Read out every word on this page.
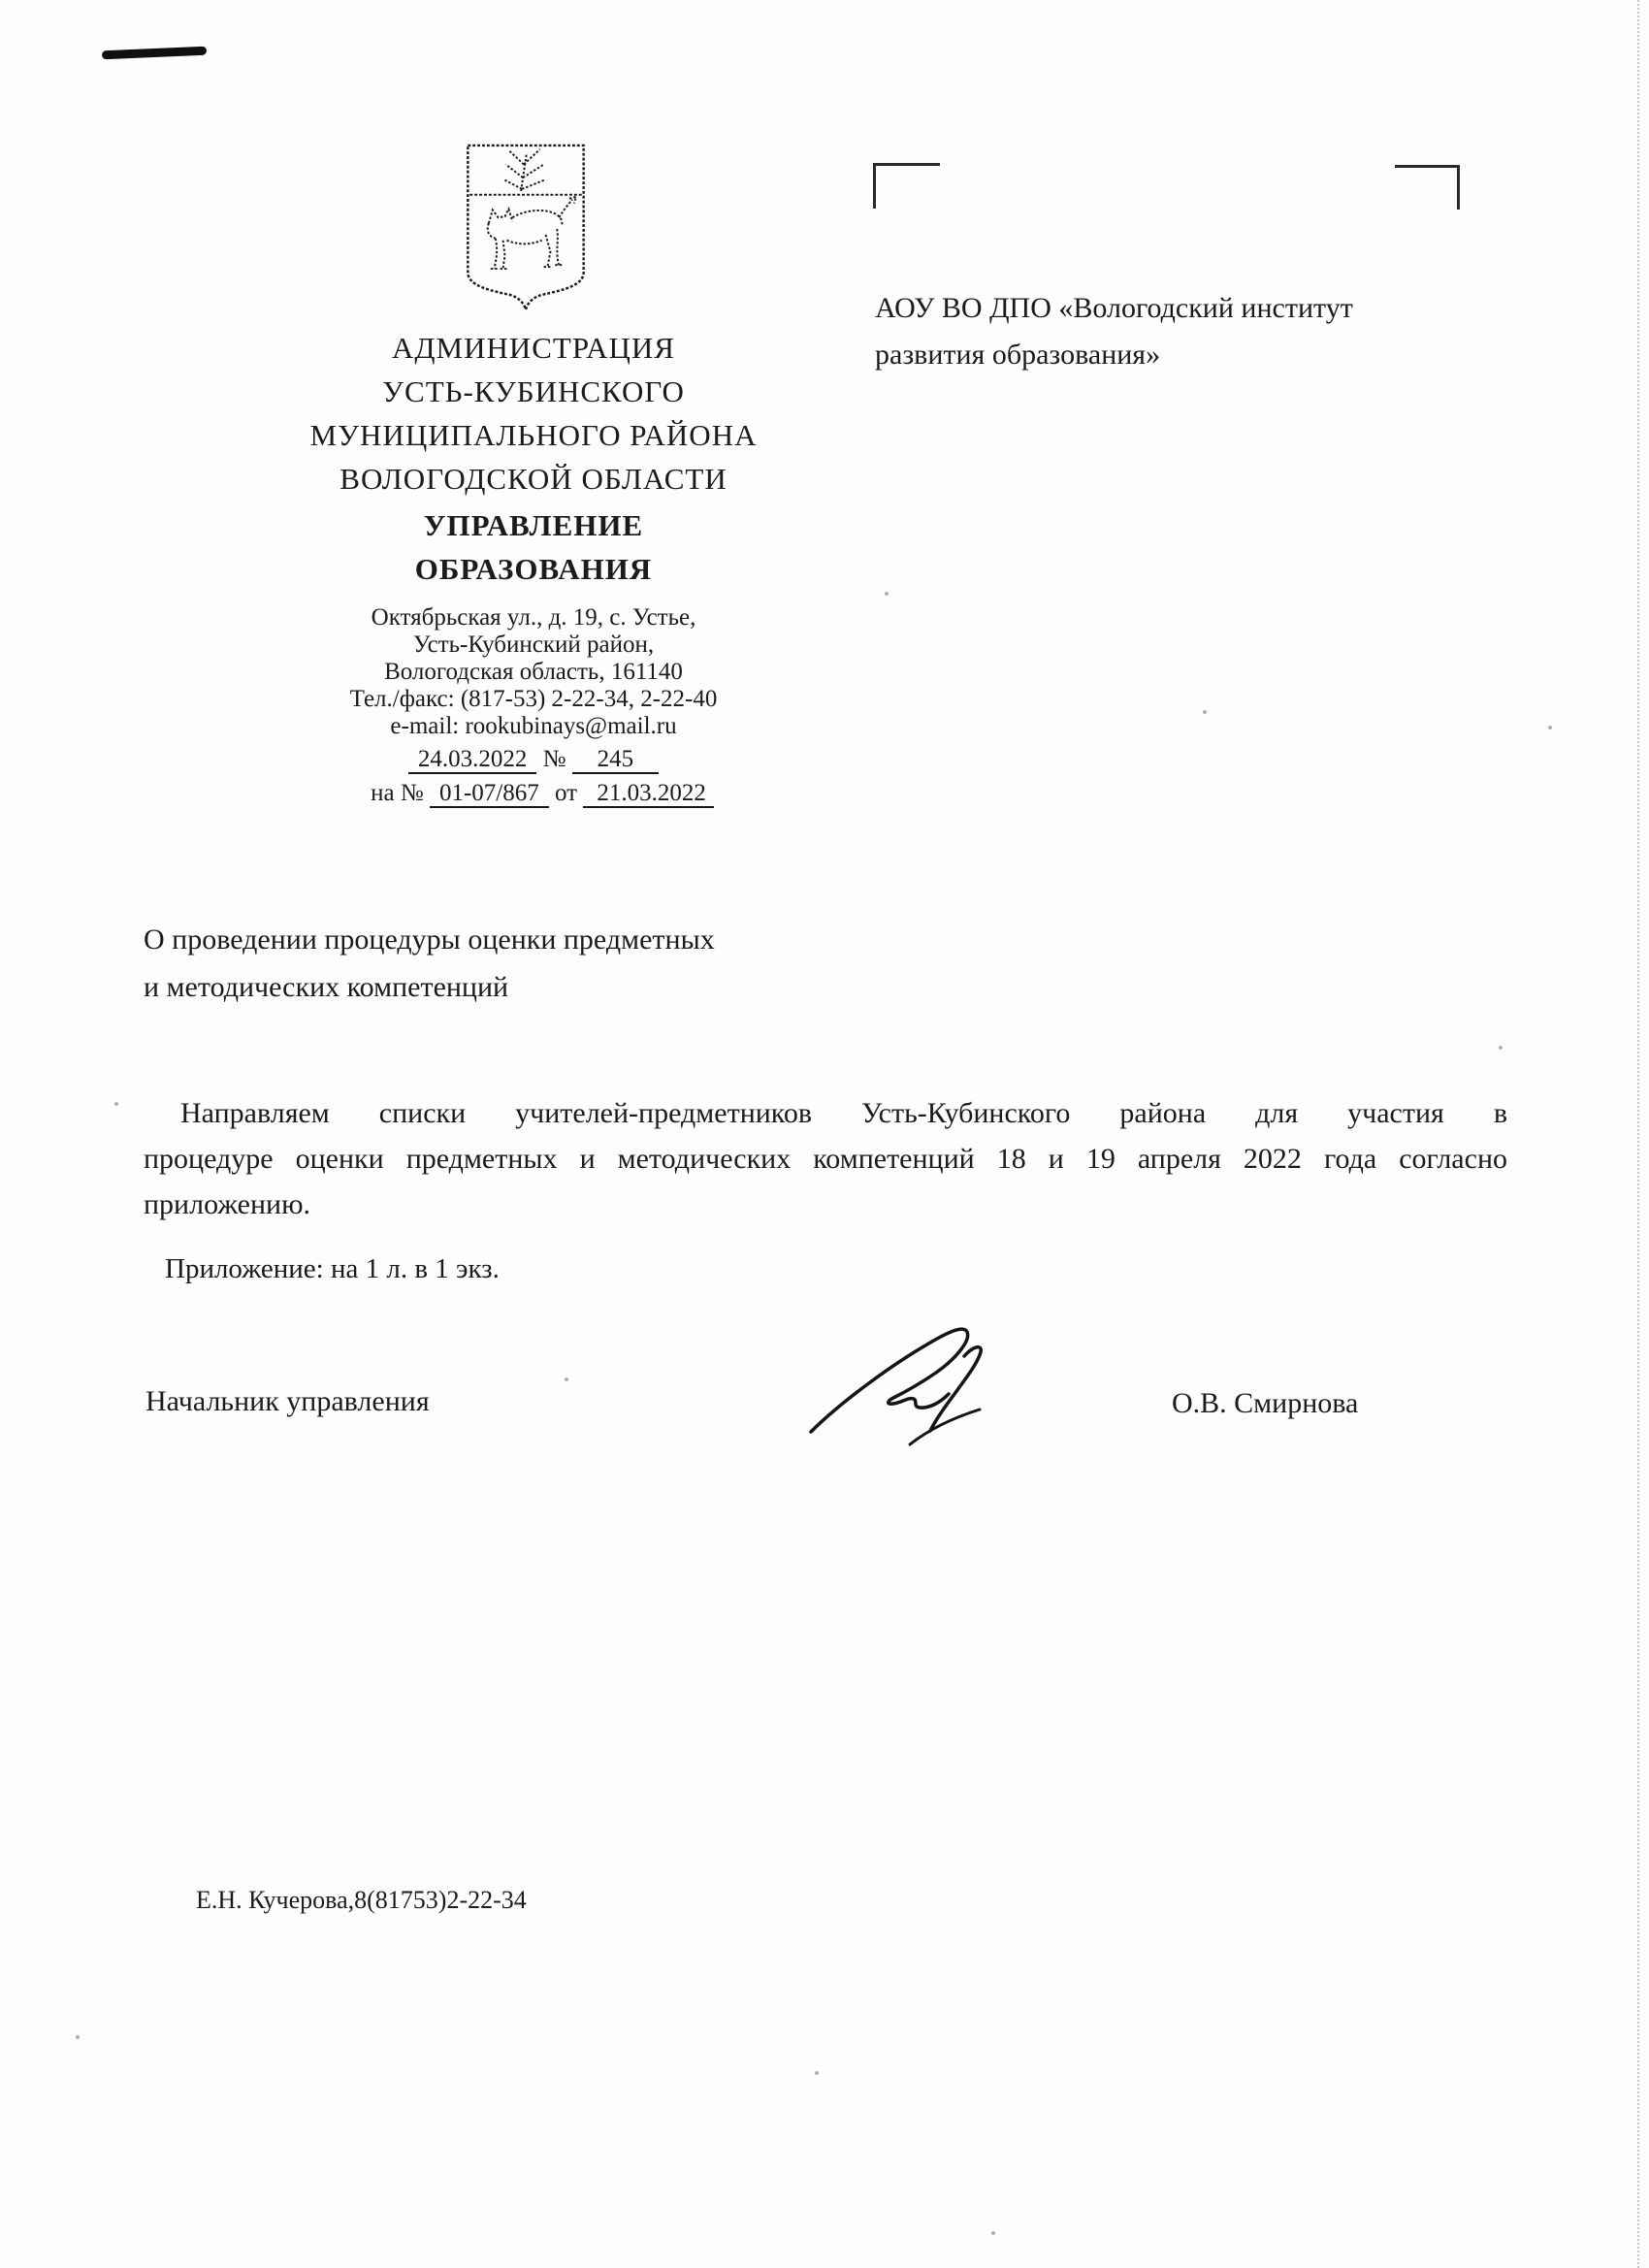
АДМИНИСТРАЦИЯ
УСТЬ-КУБИНСКОГО
МУНИЦИПАЛЬНОГО РАЙОНА
ВОЛОГОДСКОЙ ОБЛАСТИ
УПРАВЛЕНИЕ ОБРАЗОВАНИЯ
Октябрьская ул., д. 19, с. Устье,
Усть-Кубинский район,
Вологодская область, 161140
Тел./факс: (817-53) 2-22-34, 2-22-40
e-mail: rookubinays@mail.ru
24.03.2022 № 245
на № 01-07/867 от 21.03.2022
АОУ ВО ДПО «Вологодский институт
развития образования»
О проведении процедуры оценки предметных
и методических компетенций
Направляем списки учителей-предметников Усть-Кубинского района для участия в
процедуре оценки предметных и методических компетенций 18 и 19 апреля 2022 года согласно
приложению.
Приложение: на 1 л. в 1 экз.
Начальник управления	О.В. Смирнова
Е.Н. Кучерова,8(81753)2-22-34
